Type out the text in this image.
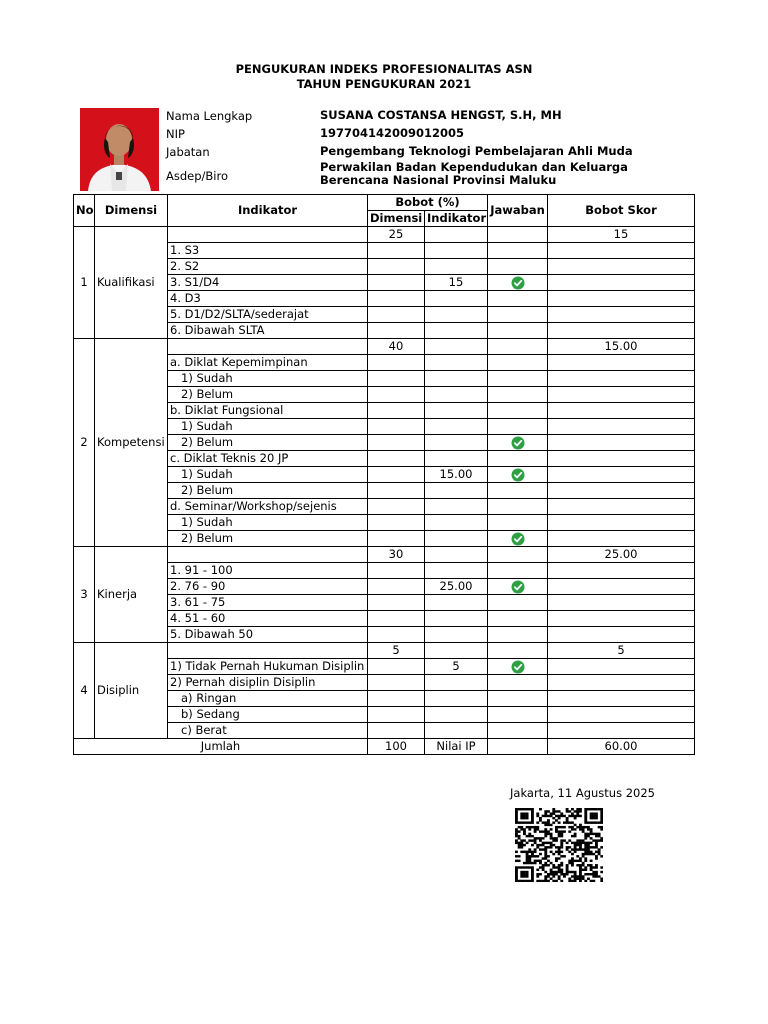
PENGUKURAN INDEKS PROFESIONALITAS ASN
TAHUN PENGUKURAN 2021
Nama Lengkap	SUSANA COSTANSA HENGST, S.H, MH
NIP	197704142009012005
Jabatan	Pengembang Teknologi Pembelajaran Ahli Muda
Asdep/Biro
Perwakilan Badan Kependudukan dan Keluarga
Berencana Nasional Provinsi Maluku
No	Dimensi	Indikator	Bobot (%)		Jawaban	Bobot Skor
			Dimensi	Indikator		
1	Kualifikasi		25			15
		1. S3				
		2. S2				
		3. S1/D4		15		
		4. D3				
		5. D1/D2/SLTA/sederajat				
		6. Dibawah SLTA				
2	Kompetensi		40			15.00
		a. Diklat Kepemimpinan				
		1) Sudah				
		2) Belum				
		b. Diklat Fungsional				
		1) Sudah				
		2) Belum				
		c. Diklat Teknis 20 JP				
		1) Sudah		15.00		
		2) Belum				
		d. Seminar/Workshop/sejenis				
		1) Sudah				
		2) Belum				
3	Kinerja		30			25.00
		1. 91 - 100				
		2. 76 - 90		25.00		
		3. 61 - 75				
		4. 51 - 60				
		5. Dibawah 50				
4	Disiplin		5			5
		1) Tidak Pernah Hukuman Disiplin		5		
		2) Pernah disiplin Disiplin				
		a) Ringan				
		b) Sedang				
		c) Berat				
Jumlah			100	Nilai IP		60.00
Jakarta, 11 Agustus 2025
